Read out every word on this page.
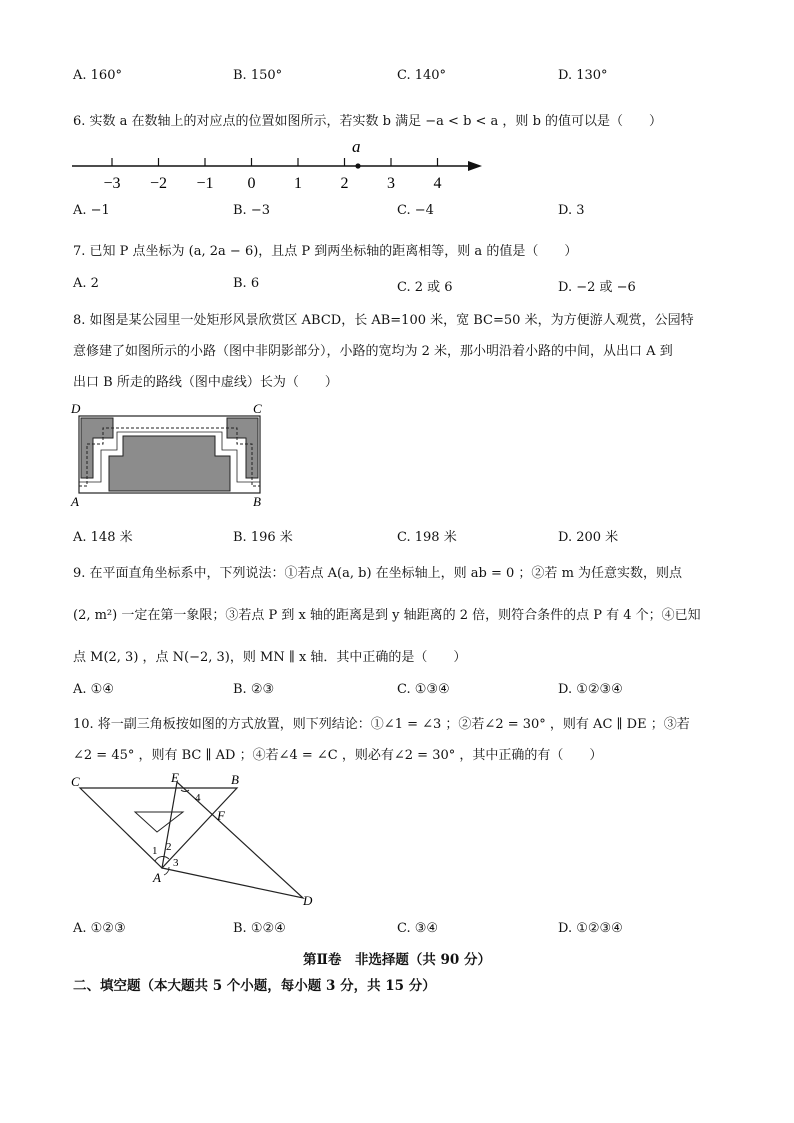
A. 160°	B. 150°	C. 140°	D. 130°
6. 实数 a 在数轴上的对应点的位置如图所示，若实数 b 满足 −a < b < a ，则 b 的值可以是（　　）
−3 −2 −1 0 1 2 3 4
a
A. −1	B. −3	C. −4	D. 3
7. 已知 P 点坐标为 (a, 2a − 6)，且点 P 到两坐标轴的距离相等，则 a 的值是（　　）
A. 2	B. 6	C. 2 或 6	D. −2 或 −6
8. 如图是某公园里一处矩形风景欣赏区 ABCD，长 AB=100 米，宽 BC=50 米，为方便游人观赏，公园特
意修建了如图所示的小路（图中非阴影部分），小路的宽均为 2 米，那小明沿着小路的中间，从出口 A 到
出口 B 所走的路线（图中虚线）长为（　　）
D	C
A	B
A. 148 米	B. 196 米	C. 198 米	D. 200 米
9. 在平面直角坐标系中，下列说法：①若点 A(a, b) 在坐标轴上，则 ab = 0 ；②若 m 为任意实数，则点
(2, m²) 一定在第一象限；③若点 P 到 x 轴的距离是到 y 轴距离的 2 倍，则符合条件的点 P 有 4 个；④已知
点 M(2, 3) ，点 N(−2, 3)，则 MN ∥ x 轴．其中正确的是（　　）
A. ①④	B. ②③	C. ①③④	D. ①②③④
10. 将一副三角板按如图的方式放置，则下列结论：①∠1 = ∠3 ；②若∠2 = 30° ，则有 AC ∥ DE ；③若
∠2 = 45° ，则有 BC ∥ AD ；④若∠4 = ∠C ，则必有∠2 = 30° ，其中正确的有（　　）
C	E	B
4
F
1 2
3
A
D
A. ①②③	B. ①②④	C. ③④	D. ①②③④
第Ⅱ卷　非选择题（共 90 分）
二、填空题（本大题共 5 个小题，每小题 3 分，共 15 分）
